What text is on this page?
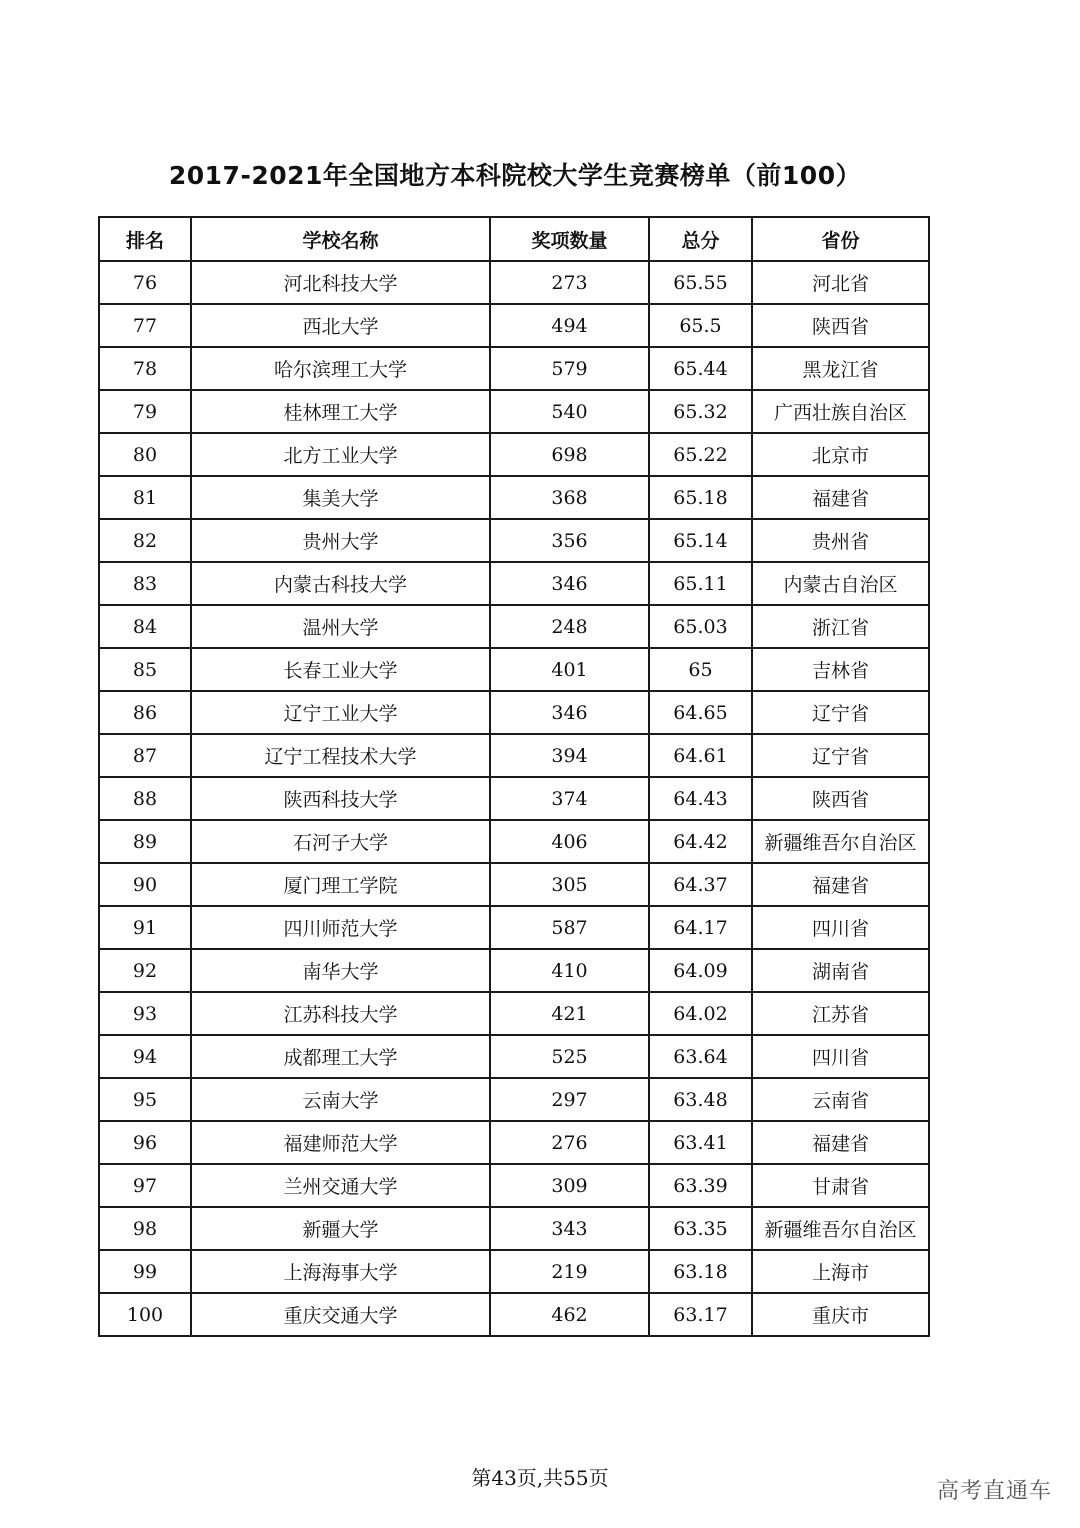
2017-2021年全国地方本科院校大学生竞赛榜单（前100）
排名	学校名称	奖项数量	总分	省份
76	河北科技大学	273	65.55	河北省
77	西北大学	494	65.5	陕西省
78	哈尔滨理工大学	579	65.44	黑龙江省
79	桂林理工大学	540	65.32	广西壮族自治区
80	北方工业大学	698	65.22	北京市
81	集美大学	368	65.18	福建省
82	贵州大学	356	65.14	贵州省
83	内蒙古科技大学	346	65.11	内蒙古自治区
84	温州大学	248	65.03	浙江省
85	长春工业大学	401	65	吉林省
86	辽宁工业大学	346	64.65	辽宁省
87	辽宁工程技术大学	394	64.61	辽宁省
88	陕西科技大学	374	64.43	陕西省
89	石河子大学	406	64.42	新疆维吾尔自治区
90	厦门理工学院	305	64.37	福建省
91	四川师范大学	587	64.17	四川省
92	南华大学	410	64.09	湖南省
93	江苏科技大学	421	64.02	江苏省
94	成都理工大学	525	63.64	四川省
95	云南大学	297	63.48	云南省
96	福建师范大学	276	63.41	福建省
97	兰州交通大学	309	63.39	甘肃省
98	新疆大学	343	63.35	新疆维吾尔自治区
99	上海海事大学	219	63.18	上海市
100	重庆交通大学	462	63.17	重庆市
第43页,共55页
高考直通车
